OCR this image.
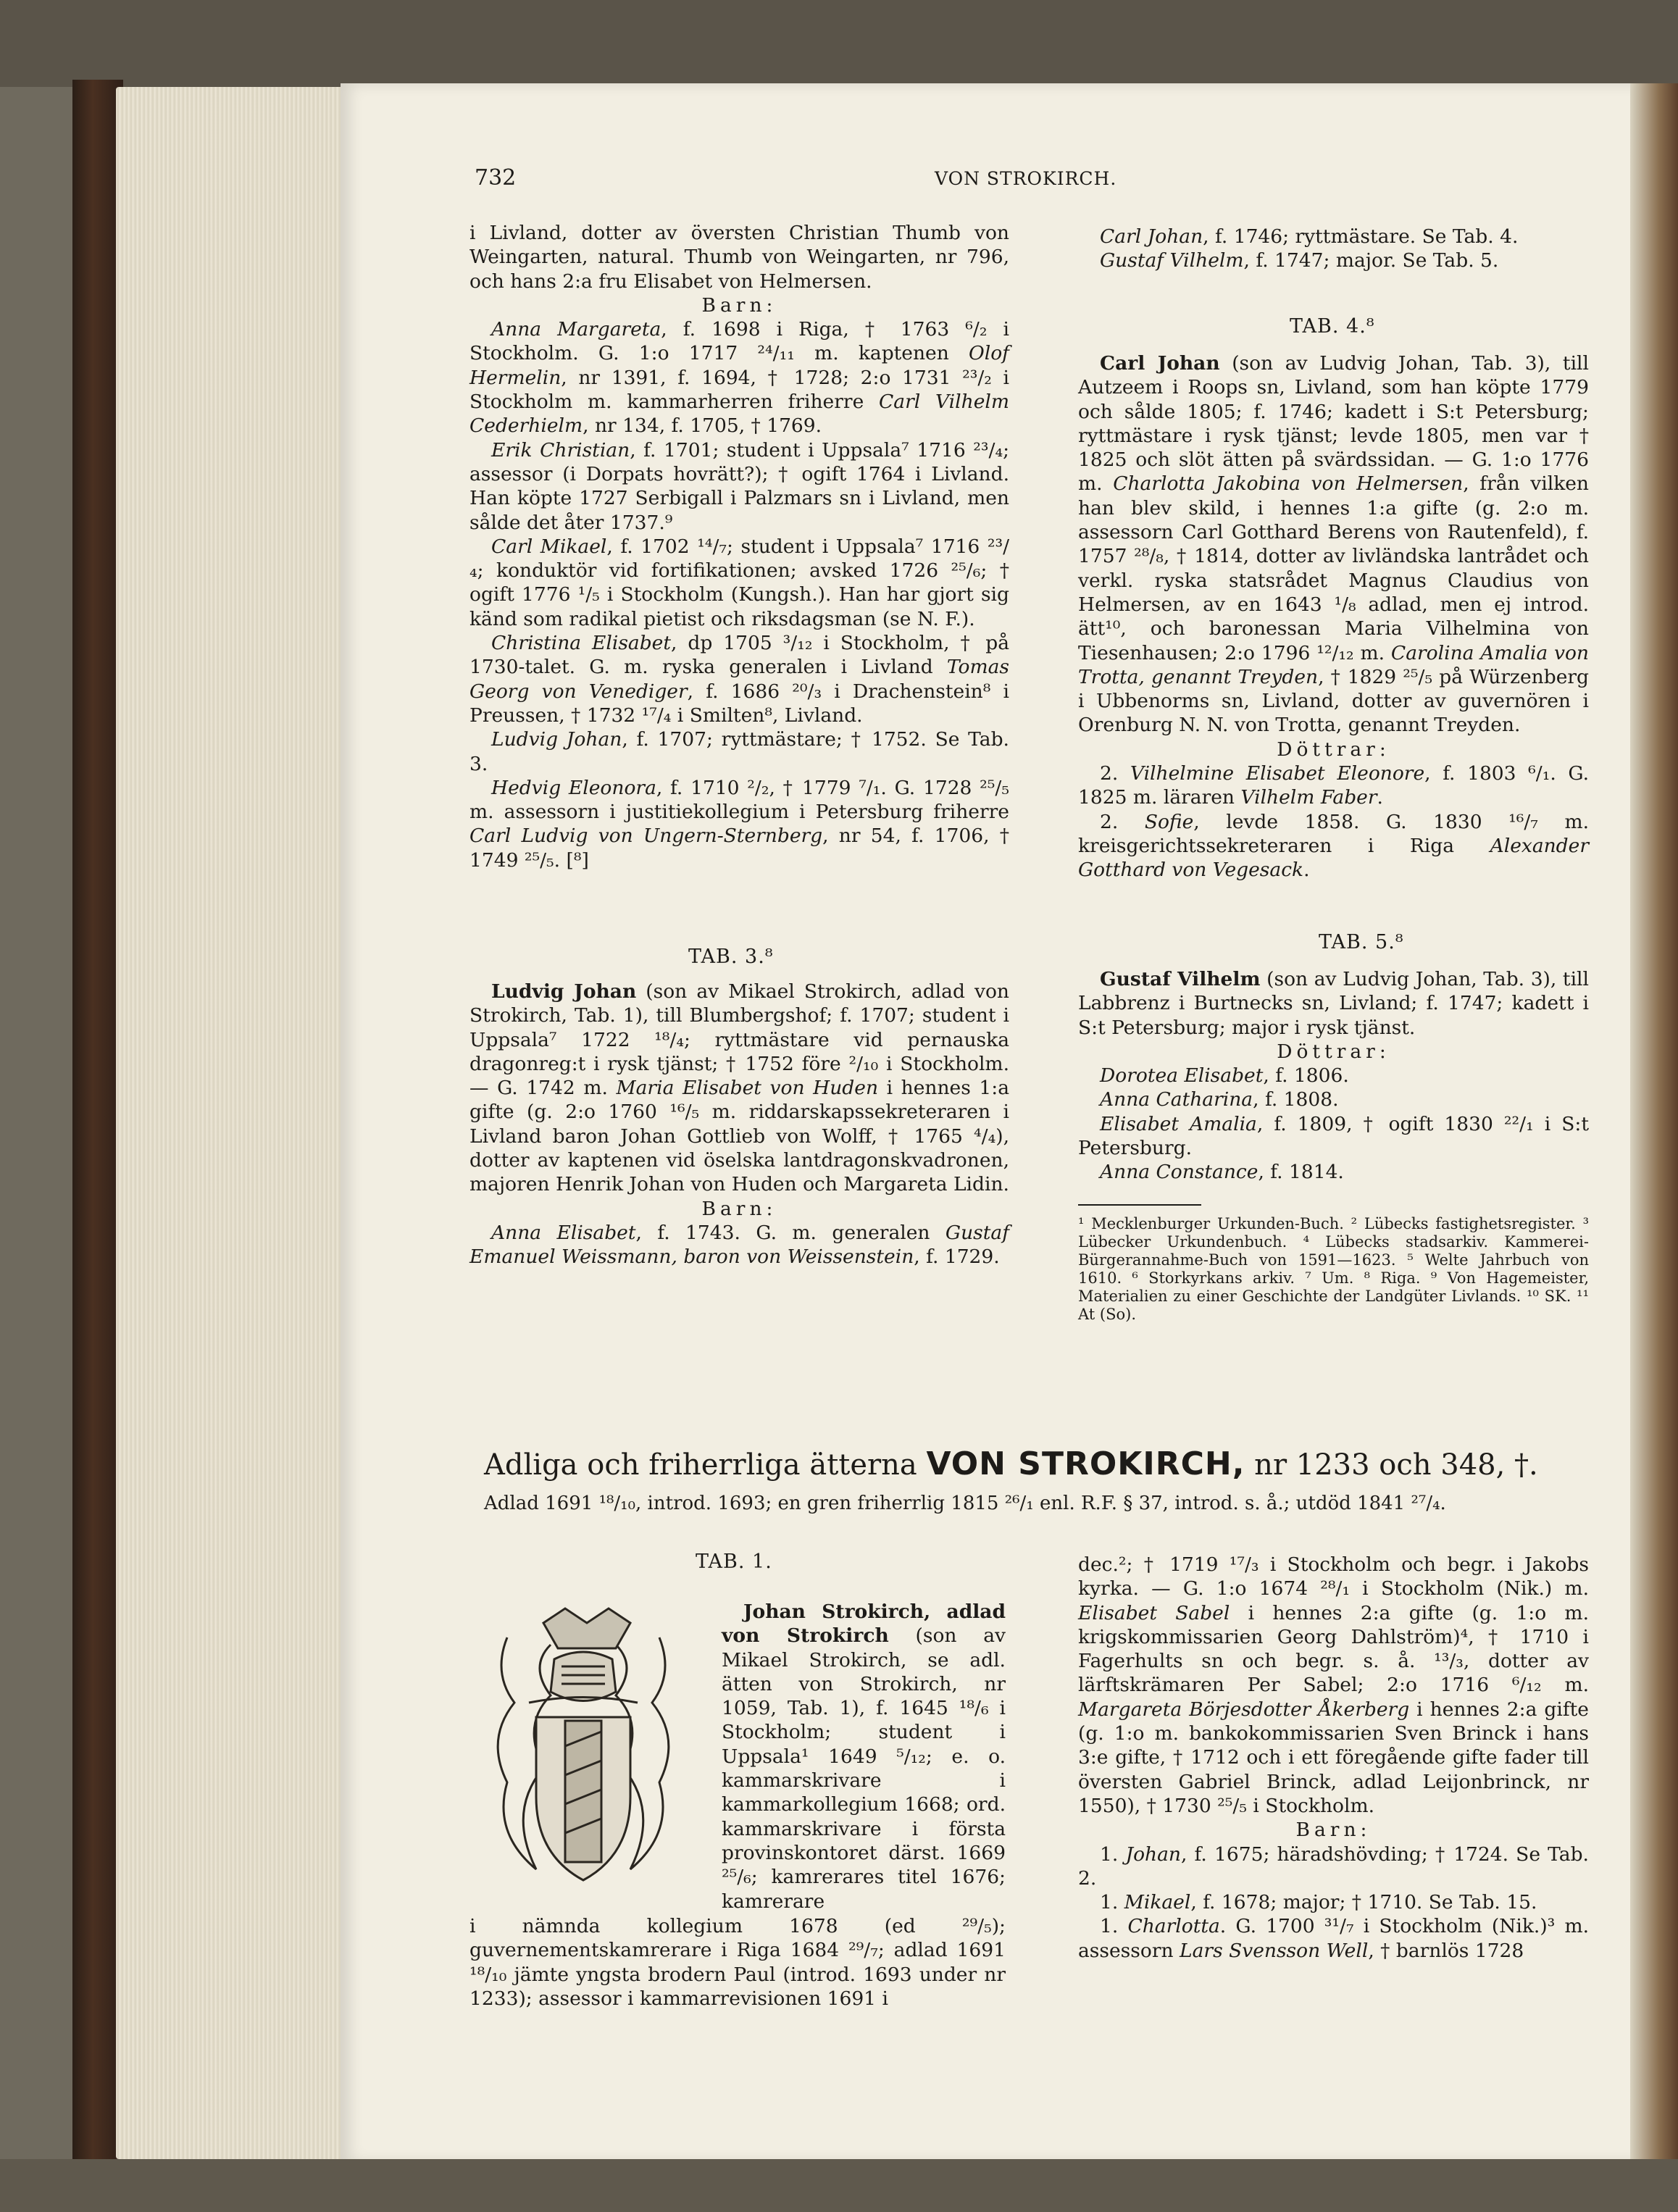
732	VON STROKIRCH.

i Livland, dotter av översten Christian Thumb von Weingarten, natural. Thumb von Weingarten, nr 796, och hans 2:a fru Elisabet von Helmersen.

Barn:

Anna Margareta, f. 1698 i Riga, † 1763 ⁶/₂ i Stockholm. G. 1:o 1717 ²⁴/₁₁ m. kaptenen Olof Hermelin, nr 1391, f. 1694, † 1728; 2:o 1731 ²³/₂ i Stockholm m. kammarherren friherre Carl Vilhelm Cederhielm, nr 134, f. 1705, † 1769.

Erik Christian, f. 1701; student i Uppsala⁷ 1716 ²³/₄; assessor (i Dorpats hovrätt?); † ogift 1764 i Livland. Han köpte 1727 Serbigall i Palzmars sn i Livland, men sålde det åter 1737.⁹

Carl Mikael, f. 1702 ¹⁴/₇; student i Uppsala⁷ 1716 ²³/₄; konduktör vid fortifikationen; avsked 1726 ²⁵/₆; † ogift 1776 ¹/₅ i Stockholm (Kungsh.). Han har gjort sig känd som radikal pietist och riksdagsman (se N. F.).

Christina Elisabet, dp 1705 ³/₁₂ i Stockholm, † på 1730-talet. G. m. ryska generalen i Livland Tomas Georg von Venediger, f. 1686 ²⁰/₃ i Drachenstein⁸ i Preussen, † 1732 ¹⁷/₄ i Smilten⁸, Livland.

Ludvig Johan, f. 1707; ryttmästare; † 1752. Se Tab. 3.

Hedvig Eleonora, f. 1710 ²/₂, † 1779 ⁷/₁. G. 1728 ²⁵/₅ m. assessorn i justitiekollegium i Petersburg friherre Carl Ludvig von Ungern-Sternberg, nr 54, f. 1706, † 1749 ²⁵/₅. [⁸]

TAB. 3.⁸

Ludvig Johan (son av Mikael Strokirch, adlad von Strokirch, Tab. 1), till Blumbergshof; f. 1707; student i Uppsala⁷ 1722 ¹⁸/₄; ryttmästare vid pernauska dragonreg:t i rysk tjänst; † 1752 före ²/₁₀ i Stockholm. — G. 1742 m. Maria Elisabet von Huden i hennes 1:a gifte (g. 2:o 1760 ¹⁶/₅ m. riddarskapssekreteraren i Livland baron Johan Gottlieb von Wolff, † 1765 ⁴/₄), dotter av kaptenen vid öselska lantdragonskvadronen, majoren Henrik Johan von Huden och Margareta Lidin.

Barn:

Anna Elisabet, f. 1743. G. m. generalen Gustaf Emanuel Weissmann, baron von Weissenstein, f. 1729.

Carl Johan, f. 1746; ryttmästare. Se Tab. 4.

Gustaf Vilhelm, f. 1747; major. Se Tab. 5.

TAB. 4.⁸

Carl Johan (son av Ludvig Johan, Tab. 3), till Autzeem i Roops sn, Livland, som han köpte 1779 och sålde 1805; f. 1746; kadett i S:t Petersburg; ryttmästare i rysk tjänst; levde 1805, men var † 1825 och slöt ätten på svärdssidan. — G. 1:o 1776 m. Charlotta Jakobina von Helmersen, från vilken han blev skild, i hennes 1:a gifte (g. 2:o m. assessorn Carl Gotthard Berens von Rautenfeld), f. 1757 ²⁸/₈, † 1814, dotter av livländska lantrådet och verkl. ryska statsrådet Magnus Claudius von Helmersen, av en 1643 ¹/₈ adlad, men ej introd. ätt¹⁰, och baronessan Maria Vilhelmina von Tiesenhausen; 2:o 1796 ¹²/₁₂ m. Carolina Amalia von Trotta, genannt Treyden, † 1829 ²⁵/₅ på Würzenberg i Ubbenorms sn, Livland, dotter av guvernören i Orenburg N. N. von Trotta, genannt Treyden.

Döttrar:

2. Vilhelmine Elisabet Eleonore, f. 1803 ⁶/₁. G. 1825 m. läraren Vilhelm Faber.

2. Sofie, levde 1858. G. 1830 ¹⁶/₇ m. kreisgerichtssekreteraren i Riga Alexander Gotthard von Vegesack.

TAB. 5.⁸

Gustaf Vilhelm (son av Ludvig Johan, Tab. 3), till Labbrenz i Burtnecks sn, Livland; f. 1747; kadett i S:t Petersburg; major i rysk tjänst.

Döttrar:

Dorotea Elisabet, f. 1806.

Anna Catharina, f. 1808.

Elisabet Amalia, f. 1809, † ogift 1830 ²²/₁ i S:t Petersburg.

Anna Constance, f. 1814.

¹ Mecklenburger Urkunden-Buch. ² Lübecks fastighetsregister. ³ Lübecker Urkundenbuch. ⁴ Lübecks stadsarkiv. Kammerei-Bürgerannahme-Buch von 1591—1623. ⁵ Welte Jahrbuch von 1610. ⁶ Storkyrkans arkiv. ⁷ Um. ⁸ Riga. ⁹ Von Hagemeister, Materialien zu einer Geschichte der Landgüter Livlands. ¹⁰ SK. ¹¹ At (So).
Adliga och friherrliga ätterna VON STROKIRCH, nr 1233 och 348, †.
Adlad 1691 ¹⁸/₁₀, introd. 1693; en gren friherrlig 1815 ²⁶/₁ enl. R.F. § 37, introd. s. å.; utdöd 1841 ²⁷/₄.
TAB. 1.

Johan Strokirch, adlad von Strokirch (son av Mikael Strokirch, se adl. ätten von Strokirch, nr 1059, Tab. 1), f. 1645 ¹⁸/₆ i Stockholm; student i Uppsala¹ 1649 ⁵/₁₂; e. o. kammarskrivare i kammarkollegium 1668; ord. kammarskrivare i första provinskontoret därst. 1669 ²⁵/₆; kamrerares titel 1676; kamrerare

i nämnda kollegium 1678 (ed ²⁹/₅); guvernementskamrerare i Riga 1684 ²⁹/₇; adlad 1691 ¹⁸/₁₀ jämte yngsta brodern Paul (introd. 1693 under nr 1233); assessor i kammarrevisionen 1691 i

dec.²; † 1719 ¹⁷/₃ i Stockholm och begr. i Jakobs kyrka. — G. 1:o 1674 ²⁸/₁ i Stockholm (Nik.) m. Elisabet Sabel i hennes 2:a gifte (g. 1:o m. krigskommissarien Georg Dahlström)⁴, † 1710 i Fagerhults sn och begr. s. å. ¹³/₃, dotter av lärftskrämaren Per Sabel; 2:o 1716 ⁶/₁₂ m. Margareta Börjesdotter Åkerberg i hennes 2:a gifte (g. 1:o m. bankokommissarien Sven Brinck i hans 3:e gifte, † 1712 och i ett föregående gifte fader till översten Gabriel Brinck, adlad Leijonbrinck, nr 1550), † 1730 ²⁵/₅ i Stockholm.

Barn:

1. Johan, f. 1675; häradshövding; † 1724. Se Tab. 2.

1. Mikael, f. 1678; major; † 1710. Se Tab. 15.

1. Charlotta. G. 1700 ³¹/₇ i Stockholm (Nik.)³ m. assessorn Lars Svensson Well, † barnlös 1728
